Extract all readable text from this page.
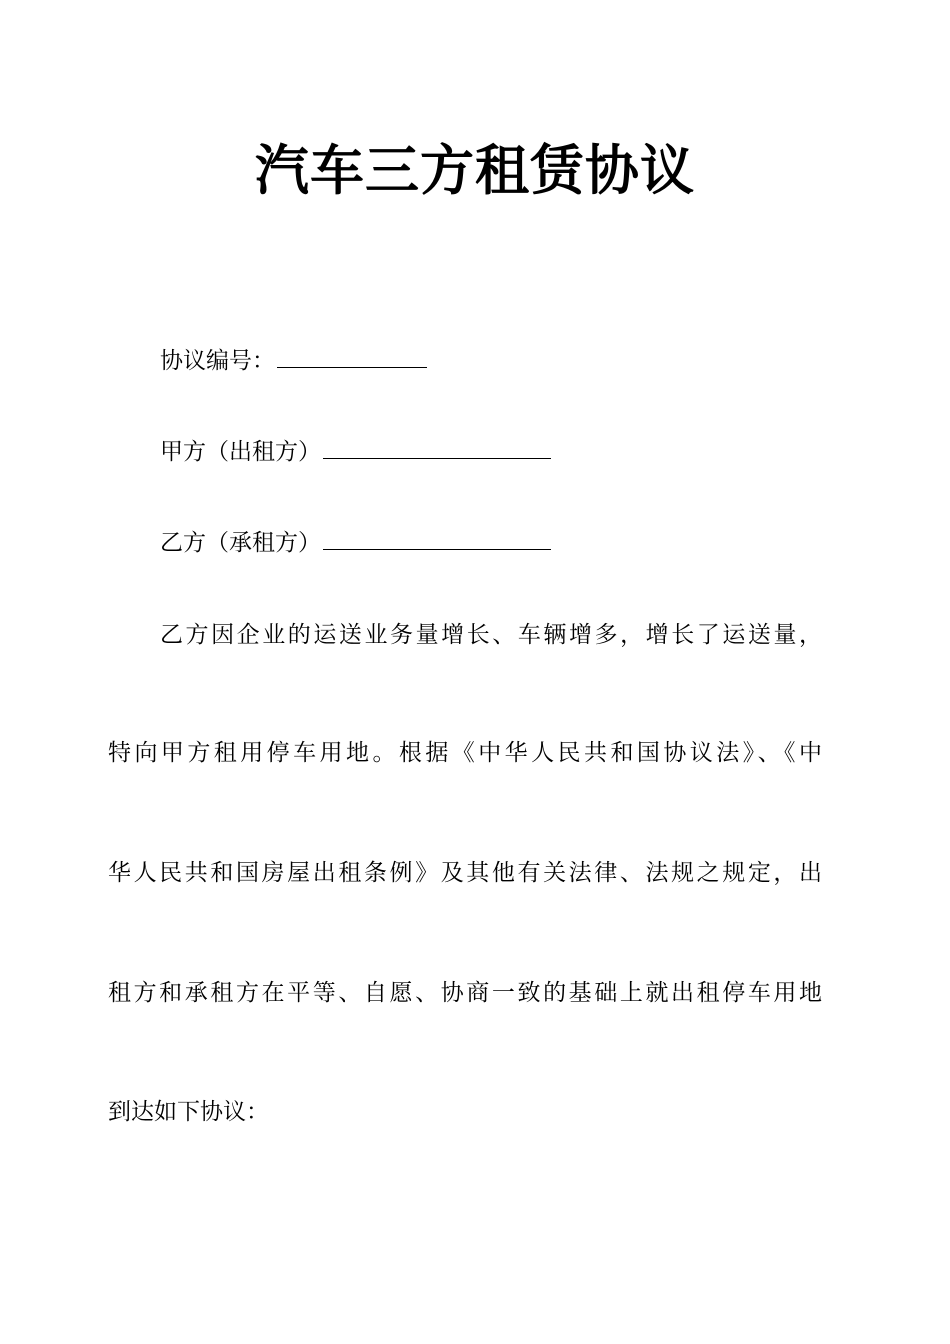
汽车三方租赁协议
协议编号：
甲方（出租方）
乙方（承租方）
乙方因企业的运送业务量增长、车辆增多，增长了运送量，
特向甲方租用停车用地。根据《中华人民共和国协议法》、《中
华人民共和国房屋出租条例》及其他有关法律、法规之规定，出
租方和承租方在平等、自愿、协商一致的基础上就出租停车用地
到达如下协议：
